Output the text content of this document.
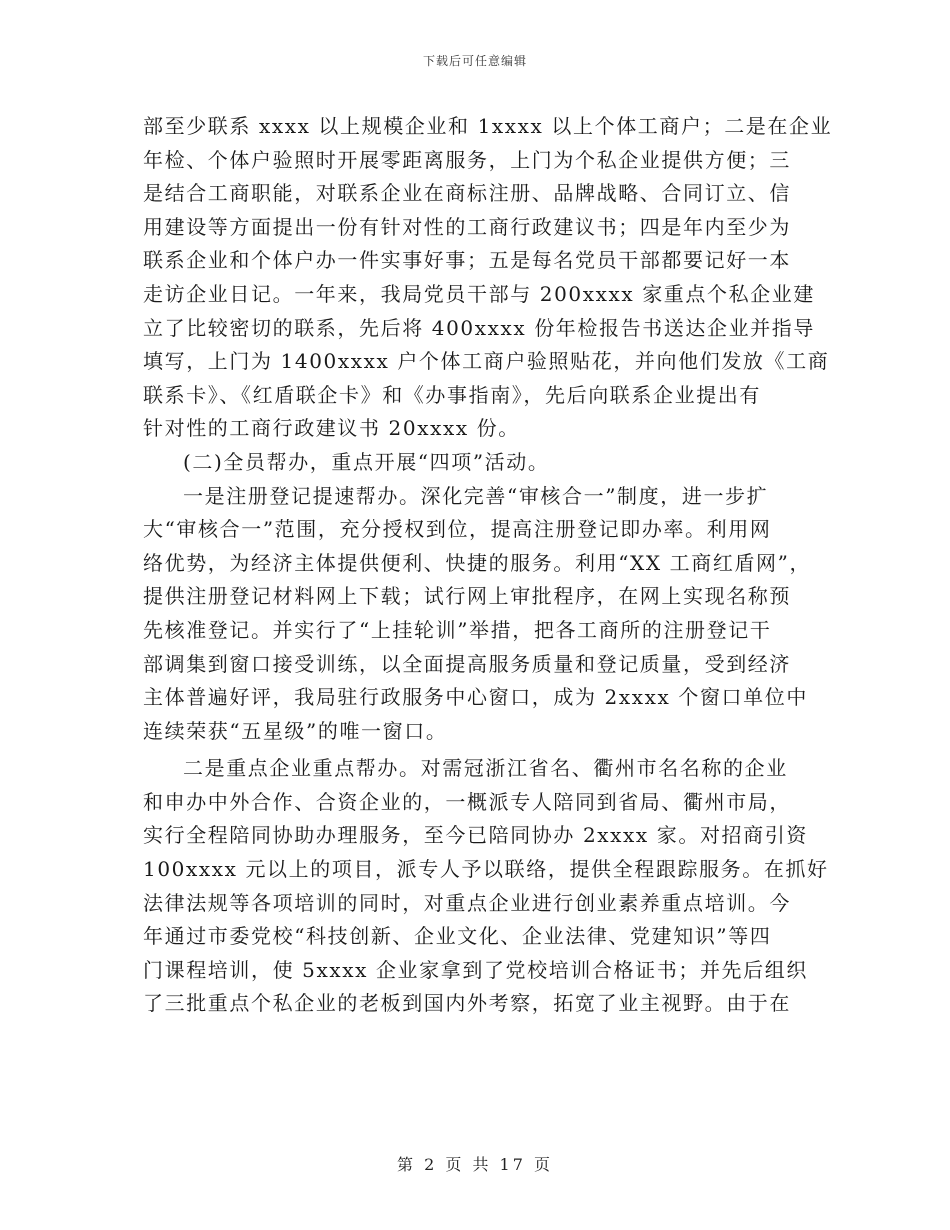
下载后可任意编辑
部至少联系 xxxx 以上规模企业和 1xxxx 以上个体工商户；二是在企业
年检、个体户验照时开展零距离服务，上门为个私企业提供方便；三
是结合工商职能，对联系企业在商标注册、品牌战略、合同订立、信
用建设等方面提出一份有针对性的工商行政建议书；四是年内至少为
联系企业和个体户办一件实事好事；五是每名党员干部都要记好一本
走访企业日记。一年来，我局党员干部与 200xxxx 家重点个私企业建
立了比较密切的联系，先后将 400xxxx 份年检报告书送达企业并指导
填写，上门为 1400xxxx 户个体工商户验照贴花，并向他们发放《工商
联系卡》、《红盾联企卡》和《办事指南》，先后向联系企业提出有
针对性的工商行政建议书 20xxxx 份。
(二)全员帮办，重点开展“四项”活动。
一是注册登记提速帮办。深化完善“审核合一”制度，进一步扩
大“审核合一”范围，充分授权到位，提高注册登记即办率。利用网
络优势，为经济主体提供便利、快捷的服务。利用“XX 工商红盾网”，
提供注册登记材料网上下载；试行网上审批程序，在网上实现名称预
先核准登记。并实行了“上挂轮训”举措，把各工商所的注册登记干
部调集到窗口接受训练，以全面提高服务质量和登记质量，受到经济
主体普遍好评，我局驻行政服务中心窗口，成为 2xxxx 个窗口单位中
连续荣获“五星级”的唯一窗口。
二是重点企业重点帮办。对需冠浙江省名、衢州市名名称的企业
和申办中外合作、合资企业的，一概派专人陪同到省局、衢州市局，
实行全程陪同协助办理服务，至今已陪同协办 2xxxx 家。对招商引资
100xxxx 元以上的项目，派专人予以联络，提供全程跟踪服务。在抓好
法律法规等各项培训的同时，对重点企业进行创业素养重点培训。今
年通过市委党校“科技创新、企业文化、企业法律、党建知识”等四
门课程培训，使 5xxxx 企业家拿到了党校培训合格证书；并先后组织
了三批重点个私企业的老板到国内外考察，拓宽了业主视野。由于在
第 2 页 共 17 页
